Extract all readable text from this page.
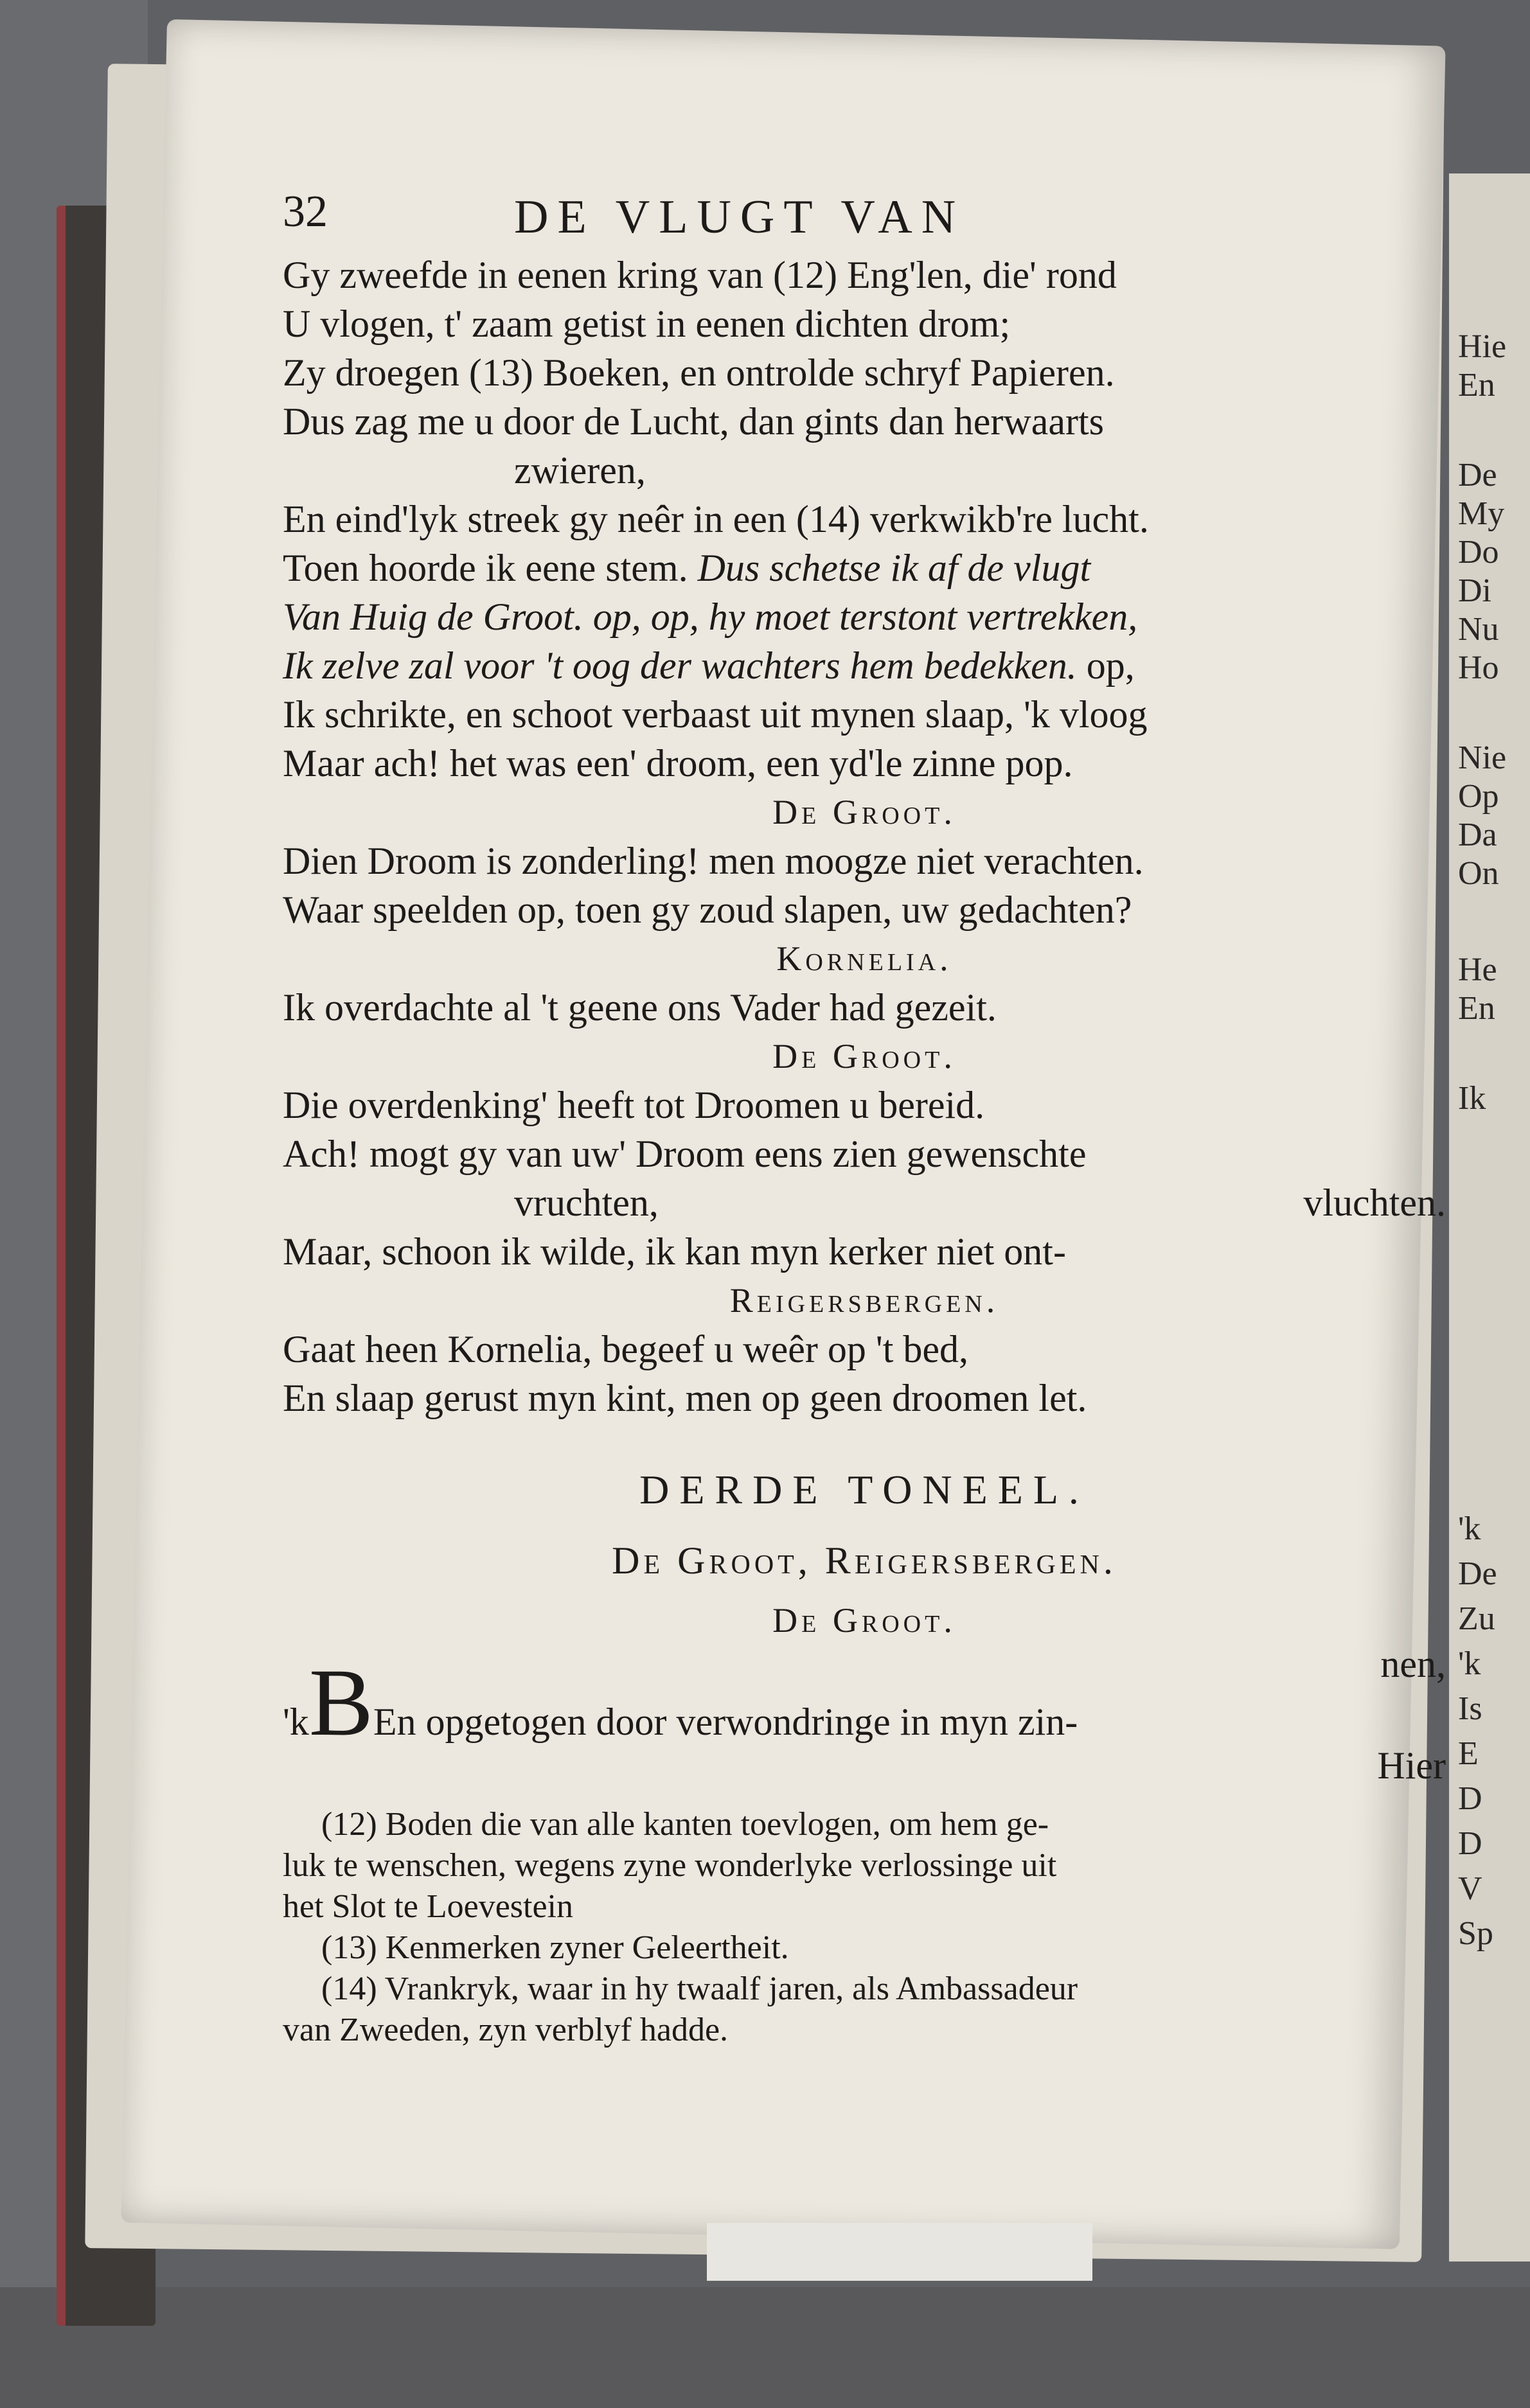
Hie
En
De
My
Do
Di
Nu
Ho
Nie
Op
Da
On
He
En
Ik
'k
De
Zu
'k
Is
E
D
D
V
Sp
32	DE VLUGT VAN
Gy zweefde in eenen kring van (12) Eng'len, die' rond
U vlogen, t' zaam getist in eenen dichten drom;
Zy droegen (13) Boeken, en ontrolde schryf Papieren.
Dus zag me u door de Lucht, dan gints dan herwaarts
zwieren,
En eind'lyk streek gy neêr in een (14) verkwikb're lucht.
Toen hoorde ik eene stem. Dus schetse ik af de vlugt
Van Huig de Groot. op, op, hy moet terstont vertrekken,
Ik zelve zal voor 't oog der wachters hem bedekken. op,
Ik schrikte, en schoot verbaast uit mynen slaap, 'k vloog
Maar ach! het was een' droom, een yd'le zinne pop.
De Groot.
Dien Droom is zonderling! men moogze niet verachten.
Waar speelden op, toen gy zoud slapen, uw gedachten?
Kornelia.
Ik overdachte al 't geene ons Vader had gezeit.
De Groot.
Die overdenking' heeft tot Droomen u bereid.
Ach! mogt gy van uw' Droom eens zien gewenschte
vruchten,	vluchten.
Maar, schoon ik wilde, ik kan myn kerker niet ont-
Reigersbergen.
Gaat heen Kornelia, begeef u weêr op 't bed,
En slaap gerust myn kint, men op geen droomen let.
DERDE TONEEL.
De Groot, Reigersbergen.
De Groot.
nen,
'kBEn opgetogen door verwondringe in myn zin-
Hier
(12) Boden die van alle kanten toevlogen, om hem ge-
luk te wenschen, wegens zyne wonderlyke verlossinge uit
het Slot te Loevestein
(13) Kenmerken zyner Geleertheit.
(14) Vrankryk, waar in hy twaalf jaren, als Ambassadeur
van Zweeden, zyn verblyf hadde.
